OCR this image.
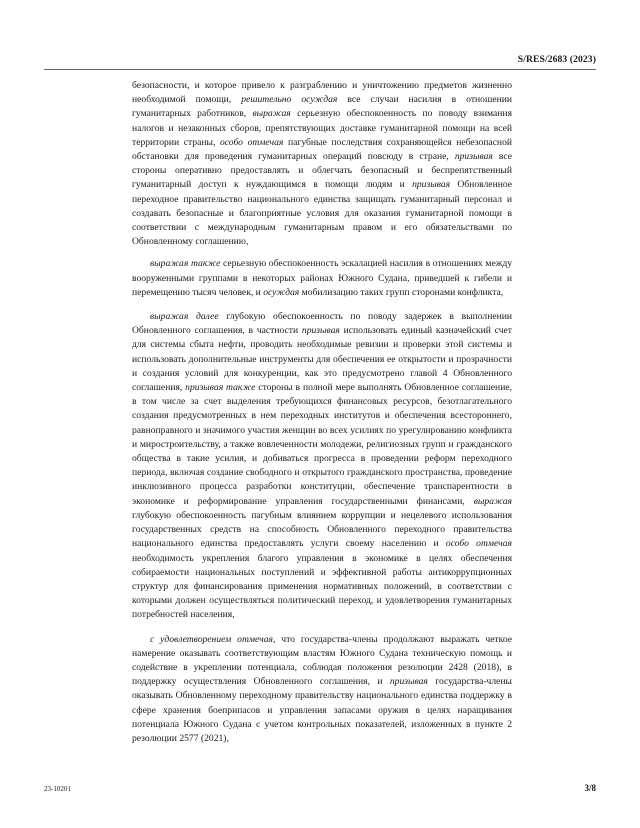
S/RES/2683 (2023)

безопасности, и которое привело к разграблению и уничтожению предметов жизненно необходимой помощи, решительно осуждая все случаи насилия в отношении гуманитарных работников, выражая серьезную обеспокоенность по поводу взимания налогов и незаконных сборов, препятствующих доставке гуманитарной помощи на всей территории страны, особо отмечая пагубные последствия сохраняющейся небезопасной обстановки для проведения гуманитарных операций повсюду в стране, призывая все стороны оперативно предоставлять и облегчать безопасный и беспрепятственный гуманитарный доступ к нуждающимся в помощи людям и призывая Обновленное переходное правительство национального единства защищать гуманитарный персонал и создавать безопасные и благоприятные условия для оказания гуманитарной помощи в соответствии с международным гуманитарным правом и его обязательствами по Обновленному соглашению,

выражая также серьезную обеспокоенность эскалацией насилия в отношениях между вооруженными группами в некоторых районах Южного Судана, приведшей к гибели и перемещению тысяч человек, и осуждая мобилизацию таких групп сторонами конфликта,

выражая далее глубокую обеспокоенность по поводу задержек в выполнении Обновленного соглашения, в частности призывая использовать единый казначейский счет для системы сбыта нефти, проводить необходимые ревизии и проверки этой системы и использовать дополнительные инструменты для обеспечения ее открытости и прозрачности и создания условий для конкуренции, как это предусмотрено главой 4 Обновленного соглашения, призывая также стороны в полной мере выполнять Обновленное соглашение, в том числе за счет выделения требующихся финансовых ресурсов, безотлагательного создания предусмотренных в нем переходных институтов и обеспечения всестороннего, равноправного и значимого участия женщин во всех усилиях по урегулированию конфликта и миростроительству, а также вовлеченности молодежи, религиозных групп и гражданского общества в такие усилия, и добиваться прогресса в проведении реформ переходного периода, включая создание свободного и открытого гражданского пространства, проведение инклюзивного процесса разработки конституции, обеспечение транспарентности в экономике и реформирование управления государственными финансами, выражая глубокую обеспокоенность пагубным влиянием коррупции и нецелевого использования государственных средств на способность Обновленного переходного правительства национального единства предоставлять услуги своему населению и особо отмечая необходимость укрепления благого управления в экономике в целях обеспечения собираемости национальных поступлений и эффективной работы антикоррупционных структур для финансирования применения нормативных положений, в соответствии с которыми должен осуществляться политический переход, и удовлетворения гуманитарных потребностей населения,

с удовлетворением отмечая, что государства-члены продолжают выражать четкое намерение оказывать соответствующим властям Южного Судана техническую помощь и содействие в укреплении потенциала, соблюдая положения резолюции 2428 (2018), в поддержку осуществления Обновленного соглашения, и призывая государства-члены оказывать Обновленному переходному правительству национального единства поддержку в сфере хранения боеприпасов и управления запасами оружия в целях наращивания потенциала Южного Судана с учетом контрольных показателей, изложенных в пункте 2 резолюции 2577 (2021),

23-10201	3/8
